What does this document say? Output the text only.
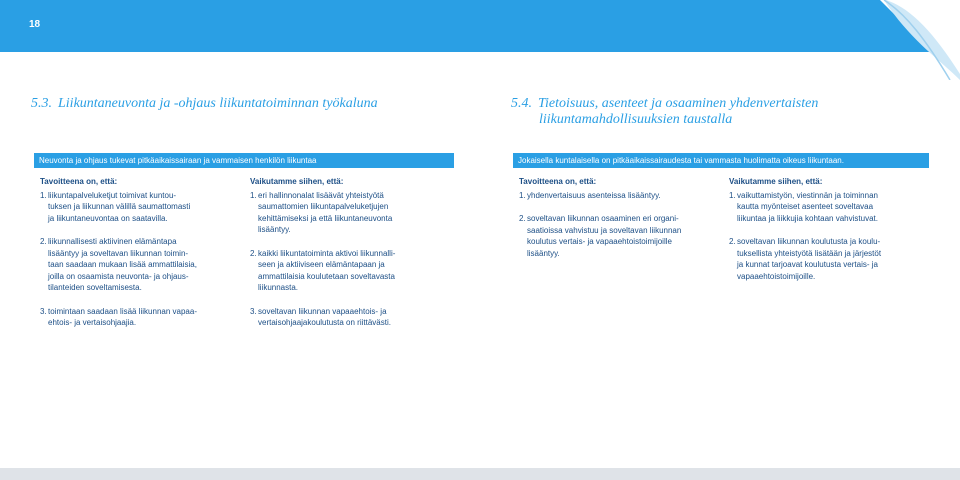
18
5.3. Liikuntaneuvonta ja -ohjaus liikuntatoiminnan työkaluna
Neuvonta ja ohjaus tukevat pitkäaikaissairaan ja vammaisen henkilön liikuntaa
Tavoitteena on, että:
1. liikuntapalveluketjut toimivat kuntou-
tuksen ja liikunnan välillä saumattomasti
ja liikuntaneuvontaa on saatavilla.
2. liikunnallisesti aktiivinen elämäntapa
lisääntyy ja soveltavan liikunnan toimin-
taan saadaan mukaan lisää ammattilaisia,
joilla on osaamista neuvonta- ja ohjaus-
tilanteiden soveltamisesta.
3. toimintaan saadaan lisää liikunnan vapaa-
ehtois- ja vertaisohjaajia.
Vaikutamme siihen, että:
1. eri hallinnonalat lisäävät yhteistyötä
saumattomien liikuntapalveluketjujen
kehittämiseksi ja että liikuntaneuvonta
lisääntyy.
2. kaikki liikuntatoiminta aktivoi liikunnalli-
seen ja aktiiviseen elämäntapaan ja
ammattilaisia koulutetaan soveltavasta
liikunnasta.
3. soveltavan liikunnan vapaaehtois- ja
vertaisohjaajakoulutusta on riittävästi.
5.4. Tietoisuus, asenteet ja osaaminen yhdenvertaisten
liikuntamahdollisuuksien taustalla
Jokaisella kuntalaisella on pitkäaikaissairaudesta tai vammasta huolimatta oikeus liikuntaan.
Tavoitteena on, että:
1. yhdenvertaisuus asenteissa lisääntyy.
2. soveltavan liikunnan osaaminen eri organi-
saatioissa vahvistuu ja soveltavan liikunnan
koulutus vertais- ja vapaaehtoistoimijoille
lisääntyy.
Vaikutamme siihen, että:
1. vaikuttamistyön, viestinnän ja toiminnan
kautta myönteiset asenteet soveltavaa
liikuntaa ja liikkujia kohtaan vahvistuvat.
2. soveltavan liikunnan koulutusta ja koulu-
tuksellista yhteistyötä lisätään ja järjestöt
ja kunnat tarjoavat koulutusta vertais- ja
vapaaehtoistoimijoille.
